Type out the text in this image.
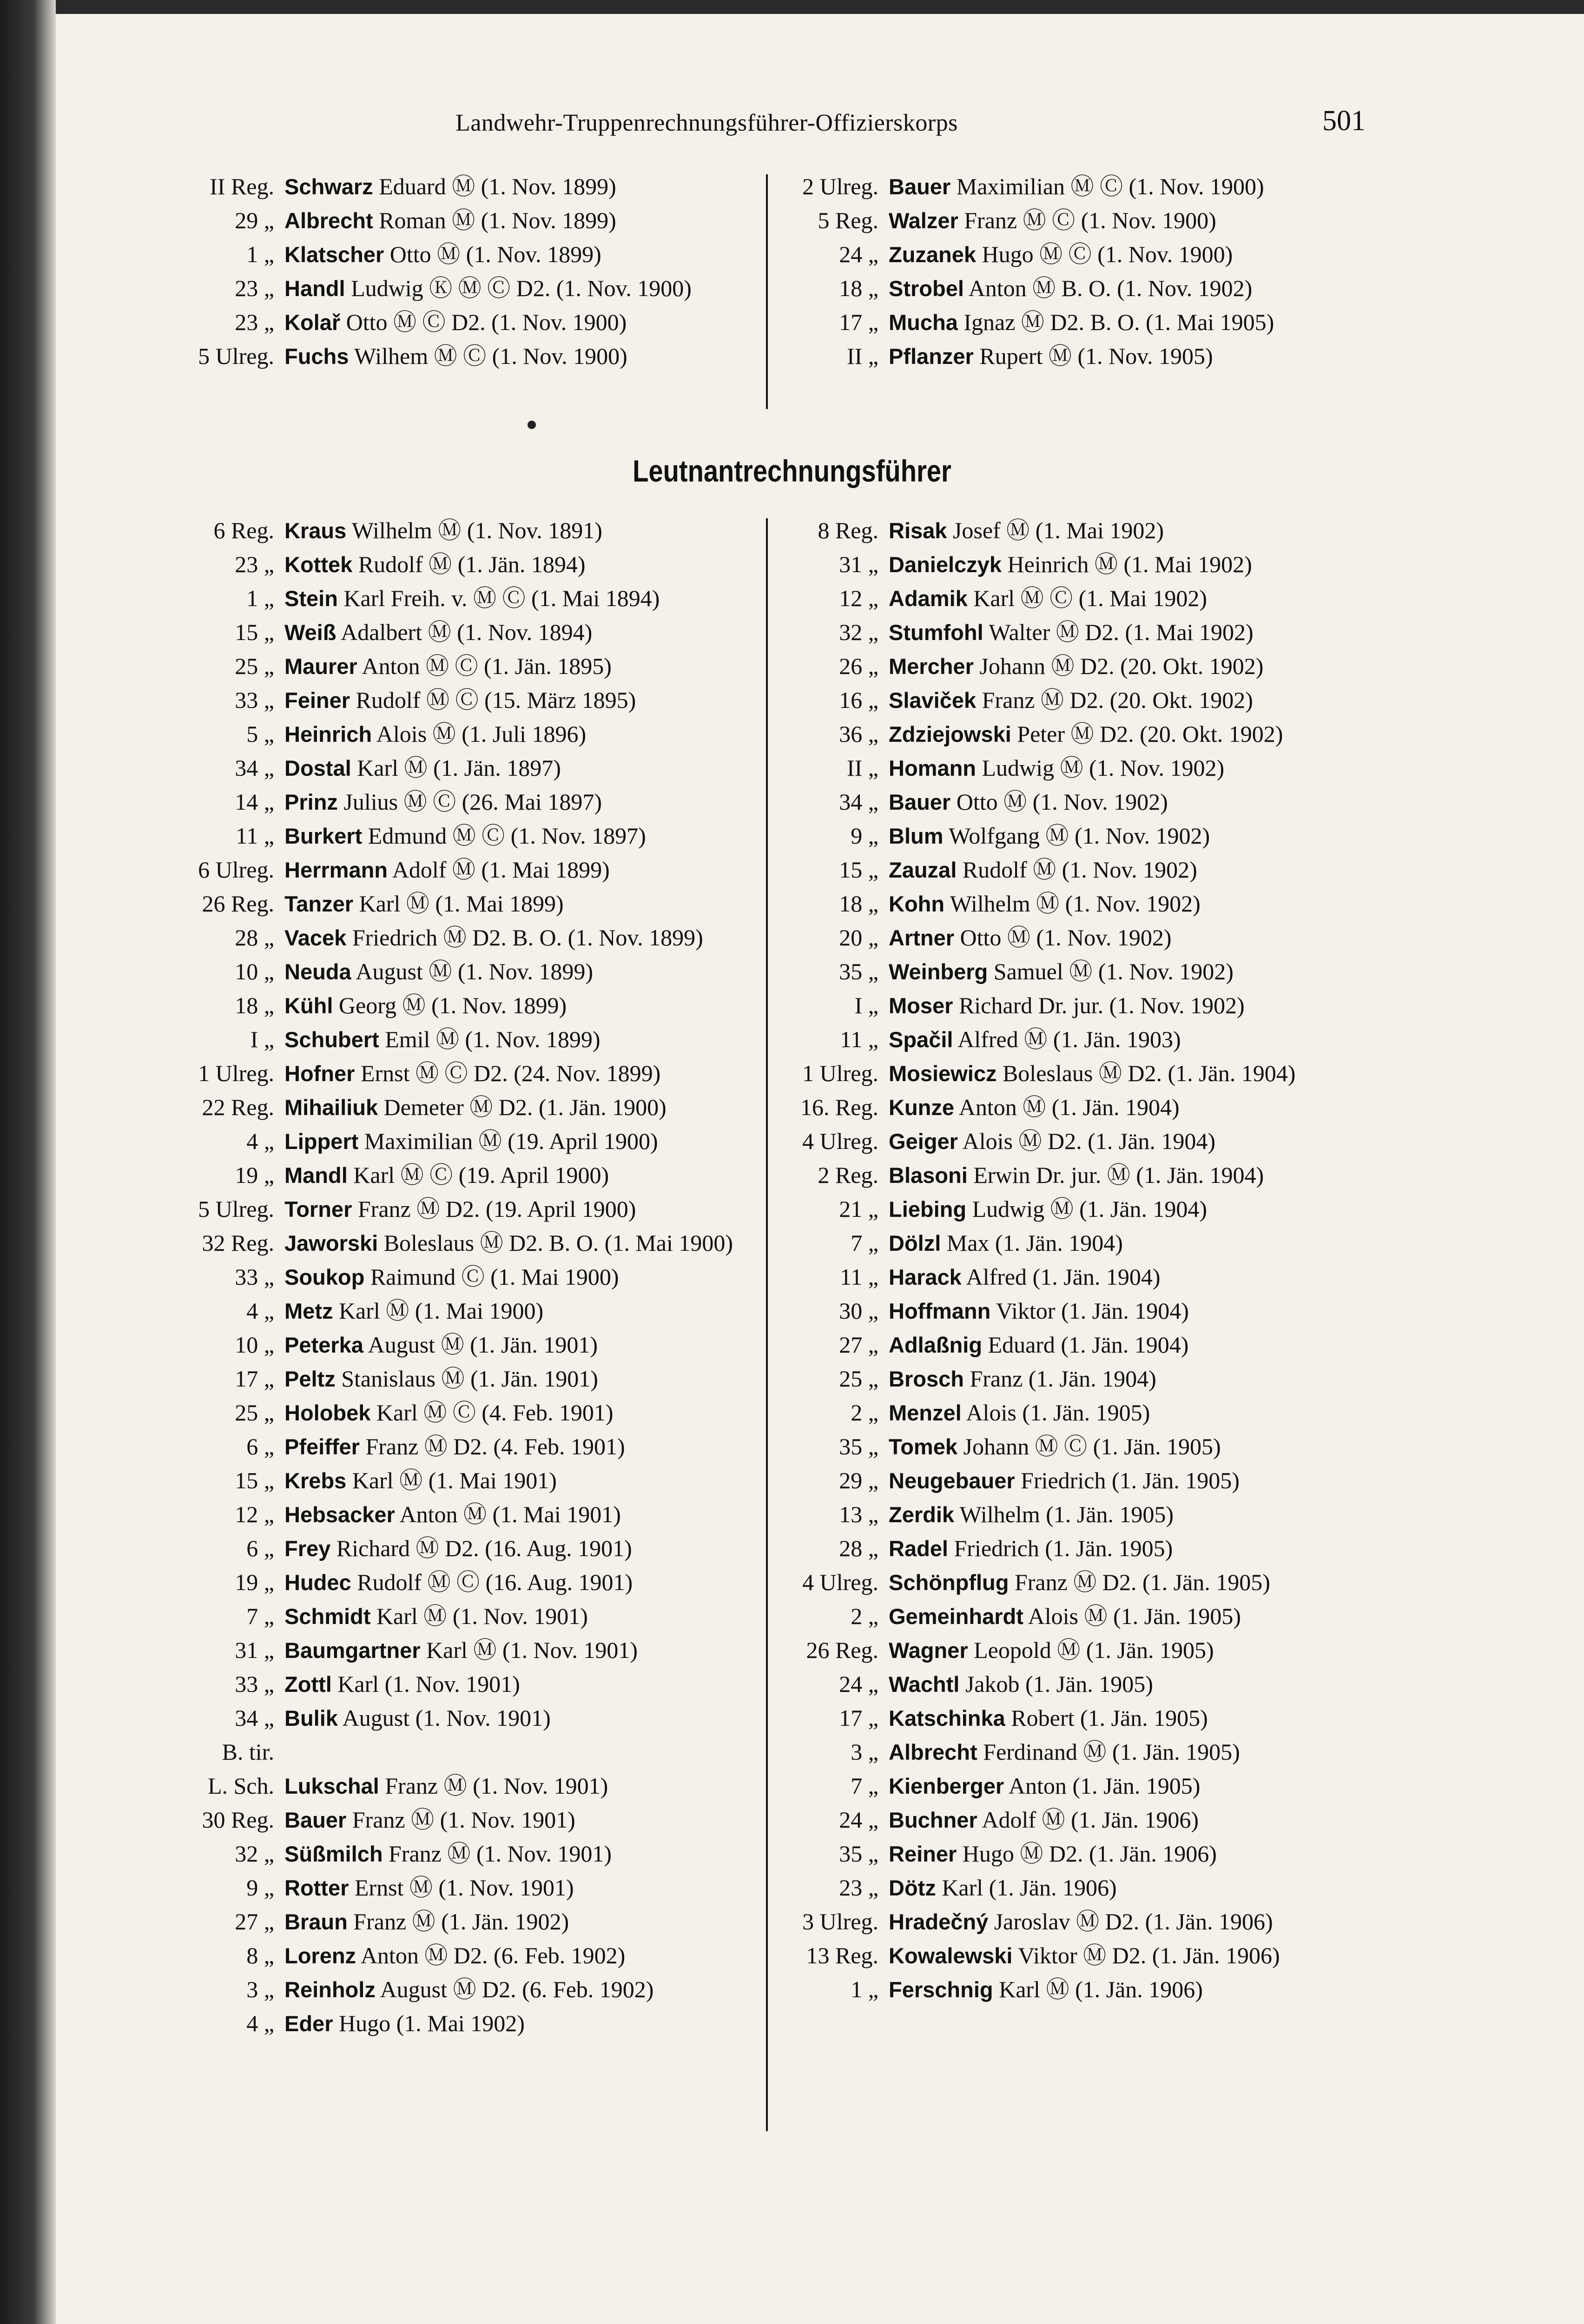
Landwehr-Truppenrechnungsführer-Offizierskorps	501
II Reg. Schwarz Eduard Ⓜ (1. Nov. 1899)
29 „ Albrecht Roman Ⓜ (1. Nov. 1899)
1 „ Klatscher Otto Ⓜ (1. Nov. 1899)
23 „ Handl Ludwig Ⓚ Ⓜ Ⓒ D2. (1. Nov. 1900)
23 „ Kolař Otto Ⓜ Ⓒ D2. (1. Nov. 1900)
5 Ulreg. Fuchs Wilhem Ⓜ Ⓒ (1. Nov. 1900)
2 Ulreg. Bauer Maximilian Ⓜ Ⓒ (1. Nov. 1900)
5 Reg. Walzer Franz Ⓜ Ⓒ (1. Nov. 1900)
24 „ Zuzanek Hugo Ⓜ Ⓒ (1. Nov. 1900)
18 „ Strobel Anton Ⓜ B. O. (1. Nov. 1902)
17 „ Mucha Ignaz Ⓜ D2. B. O. (1. Mai 1905)
II „ Pflanzer Rupert Ⓜ (1. Nov. 1905)
Leutnantrechnungsführer
6 Reg. Kraus Wilhelm Ⓜ (1. Nov. 1891)
23 „ Kottek Rudolf Ⓜ (1. Jän. 1894)
1 „ Stein Karl Freih. v. Ⓜ Ⓒ (1. Mai 1894)
15 „ Weiß Adalbert Ⓜ (1. Nov. 1894)
25 „ Maurer Anton Ⓜ Ⓒ (1. Jän. 1895)
33 „ Feiner Rudolf Ⓜ Ⓒ (15. März 1895)
5 „ Heinrich Alois Ⓜ (1. Juli 1896)
34 „ Dostal Karl Ⓜ (1. Jän. 1897)
14 „ Prinz Julius Ⓜ Ⓒ (26. Mai 1897)
11 „ Burkert Edmund Ⓜ Ⓒ (1. Nov. 1897)
6 Ulreg. Herrmann Adolf Ⓜ (1. Mai 1899)
26 Reg. Tanzer Karl Ⓜ (1. Mai 1899)
28 „ Vacek Friedrich Ⓜ D2. B. O. (1. Nov. 1899)
10 „ Neuda August Ⓜ (1. Nov. 1899)
18 „ Kühl Georg Ⓜ (1. Nov. 1899)
I „ Schubert Emil Ⓜ (1. Nov. 1899)
1 Ulreg. Hofner Ernst Ⓜ Ⓒ D2. (24. Nov. 1899)
22 Reg. Mihailiuk Demeter Ⓜ D2. (1. Jän. 1900)
4 „ Lippert Maximilian Ⓜ (19. April 1900)
19 „ Mandl Karl Ⓜ Ⓒ (19. April 1900)
5 Ulreg. Torner Franz Ⓜ D2. (19. April 1900)
32 Reg. Jaworski Boleslaus Ⓜ D2. B. O. (1. Mai 1900)
33 „ Soukop Raimund Ⓒ (1. Mai 1900)
4 „ Metz Karl Ⓜ (1. Mai 1900)
10 „ Peterka August Ⓜ (1. Jän. 1901)
17 „ Peltz Stanislaus Ⓜ (1. Jän. 1901)
25 „ Holobek Karl Ⓜ Ⓒ (4. Feb. 1901)
6 „ Pfeiffer Franz Ⓜ D2. (4. Feb. 1901)
15 „ Krebs Karl Ⓜ (1. Mai 1901)
12 „ Hebsacker Anton Ⓜ (1. Mai 1901)
6 „ Frey Richard Ⓜ D2. (16. Aug. 1901)
19 „ Hudec Rudolf Ⓜ Ⓒ (16. Aug. 1901)
7 „ Schmidt Karl Ⓜ (1. Nov. 1901)
31 „ Baumgartner Karl Ⓜ (1. Nov. 1901)
33 „ Zottl Karl (1. Nov. 1901)
34 „ Bulik August (1. Nov. 1901)
B. tir.
L. Sch. Lukschal Franz Ⓜ (1. Nov. 1901)
30 Reg. Bauer Franz Ⓜ (1. Nov. 1901)
32 „ Süßmilch Franz Ⓜ (1. Nov. 1901)
9 „ Rotter Ernst Ⓜ (1. Nov. 1901)
27 „ Braun Franz Ⓜ (1. Jän. 1902)
8 „ Lorenz Anton Ⓜ D2. (6. Feb. 1902)
3 „ Reinholz August Ⓜ D2. (6. Feb. 1902)
4 „ Eder Hugo (1. Mai 1902)
8 Reg. Risak Josef Ⓜ (1. Mai 1902)
31 „ Danielczyk Heinrich Ⓜ (1. Mai 1902)
12 „ Adamik Karl Ⓜ Ⓒ (1. Mai 1902)
32 „ Stumfohl Walter Ⓜ D2. (1. Mai 1902)
26 „ Mercher Johann Ⓜ D2. (20. Okt. 1902)
16 „ Slaviček Franz Ⓜ D2. (20. Okt. 1902)
36 „ Zdziejowski Peter Ⓜ D2. (20. Okt. 1902)
II „ Homann Ludwig Ⓜ (1. Nov. 1902)
34 „ Bauer Otto Ⓜ (1. Nov. 1902)
9 „ Blum Wolfgang Ⓜ (1. Nov. 1902)
15 „ Zauzal Rudolf Ⓜ (1. Nov. 1902)
18 „ Kohn Wilhelm Ⓜ (1. Nov. 1902)
20 „ Artner Otto Ⓜ (1. Nov. 1902)
35 „ Weinberg Samuel Ⓜ (1. Nov. 1902)
I „ Moser Richard Dr. jur. (1. Nov. 1902)
11 „ Spačil Alfred Ⓜ (1. Jän. 1903)
1 Ulreg. Mosiewicz Boleslaus Ⓜ D2. (1. Jän. 1904)
16. Reg. Kunze Anton Ⓜ (1. Jän. 1904)
4 Ulreg. Geiger Alois Ⓜ D2. (1. Jän. 1904)
2 Reg. Blasoni Erwin Dr. jur. Ⓜ (1. Jän. 1904)
21 „ Liebing Ludwig Ⓜ (1. Jän. 1904)
7 „ Dölzl Max (1. Jän. 1904)
11 „ Harack Alfred (1. Jän. 1904)
30 „ Hoffmann Viktor (1. Jän. 1904)
27 „ Adlaßnig Eduard (1. Jän. 1904)
25 „ Brosch Franz (1. Jän. 1904)
2 „ Menzel Alois (1. Jän. 1905)
35 „ Tomek Johann Ⓜ Ⓒ (1. Jän. 1905)
29 „ Neugebauer Friedrich (1. Jän. 1905)
13 „ Zerdik Wilhelm (1. Jän. 1905)
28 „ Radel Friedrich (1. Jän. 1905)
4 Ulreg. Schönpflug Franz Ⓜ D2. (1. Jän. 1905)
2 „ Gemeinhardt Alois Ⓜ (1. Jän. 1905)
26 Reg. Wagner Leopold Ⓜ (1. Jän. 1905)
24 „ Wachtl Jakob (1. Jän. 1905)
17 „ Katschinka Robert (1. Jän. 1905)
3 „ Albrecht Ferdinand Ⓜ (1. Jän. 1905)
7 „ Kienberger Anton (1. Jän. 1905)
24 „ Buchner Adolf Ⓜ (1. Jän. 1906)
35 „ Reiner Hugo Ⓜ D2. (1. Jän. 1906)
23 „ Dötz Karl (1. Jän. 1906)
3 Ulreg. Hradečný Jaroslav Ⓜ D2. (1. Jän. 1906)
13 Reg. Kowalewski Viktor Ⓜ D2. (1. Jän. 1906)
1 „ Ferschnig Karl Ⓜ (1. Jän. 1906)
